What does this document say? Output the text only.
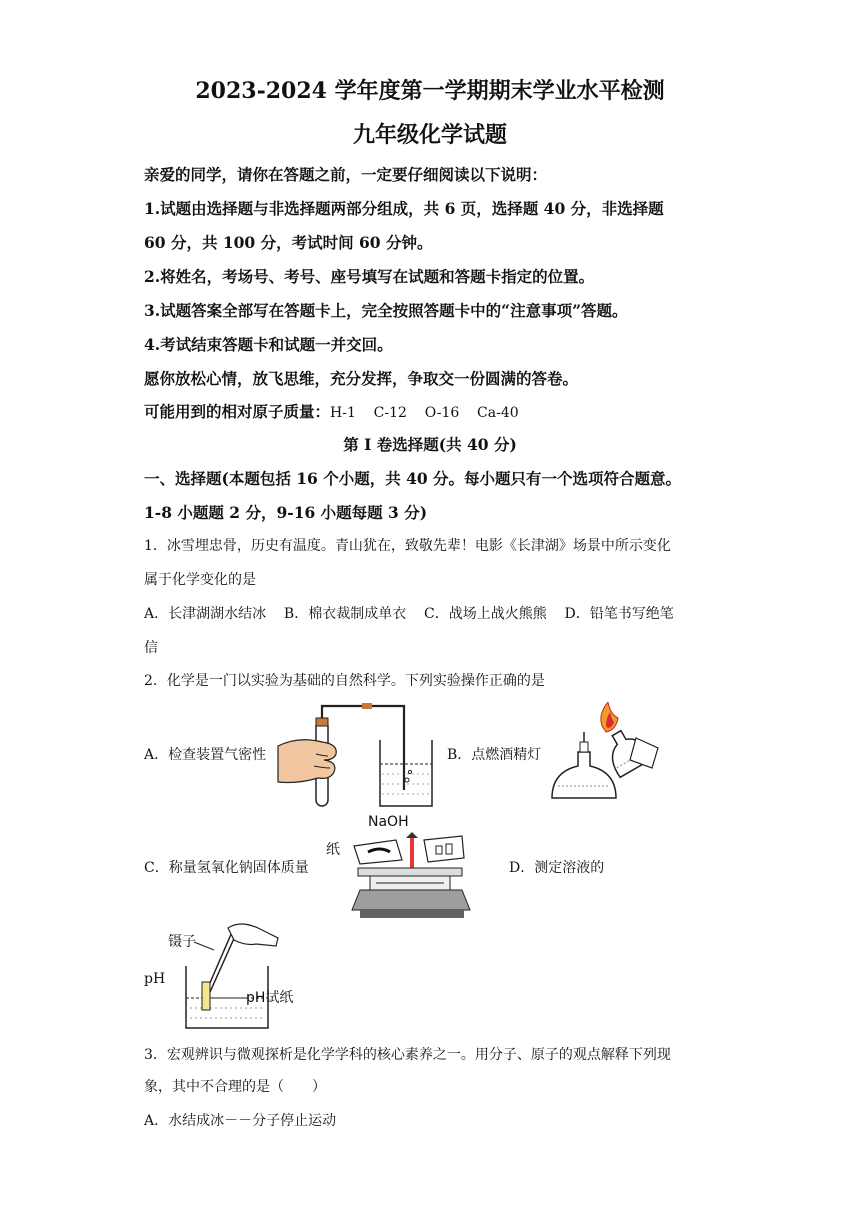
2023-2024 学年度第一学期期末学业水平检测
九年级化学试题
亲爱的同学，请你在答题之前，一定要仔细阅读以下说明：
1.试题由选择题与非选择题两部分组成，共 6 页，选择题 40 分，非选择题
60 分，共 100 分，考试时间 60 分钟。
2.将姓名，考场号、考号、座号填写在试题和答题卡指定的位置。
3.试题答案全部写在答题卡上，完全按照答题卡中的“注意事项”答题。
4.考试结束答题卡和试题一并交回。
愿你放松心情，放飞思维，充分发挥，争取交一份圆满的答卷。
可能用到的相对原子质量：H-1    C-12    O-16    Ca-40
第 I 卷选择题(共 40 分)
一、选择题(本题包括 16 个小题，共 40 分。每小题只有一个选项符合题意。
1-8 小题题 2 分，9-16 小题每题 3 分)
1．冰雪埋忠骨，历史有温度。青山犹在，致敬先辈！电影《长津湖》场景中所示变化
属于化学变化的是
A．长津湖湖水结冰    B．棉衣裁制成单衣    C．战场上战火熊熊    D．铅笔书写绝笔
信
2．化学是一门以实验为基础的自然科学。下列实验操作正确的是
A．检查装置气密性	B．点燃酒精灯
C．称量氢氧化钠固体质量	D．测定溶液的
pH
NaOH
纸
镊子
pH试纸
3．宏观辨识与微观探析是化学学科的核心素养之一。用分子、原子的观点解释下列现
象，其中不合理的是（　　）
A．水结成冰－－分子停止运动
